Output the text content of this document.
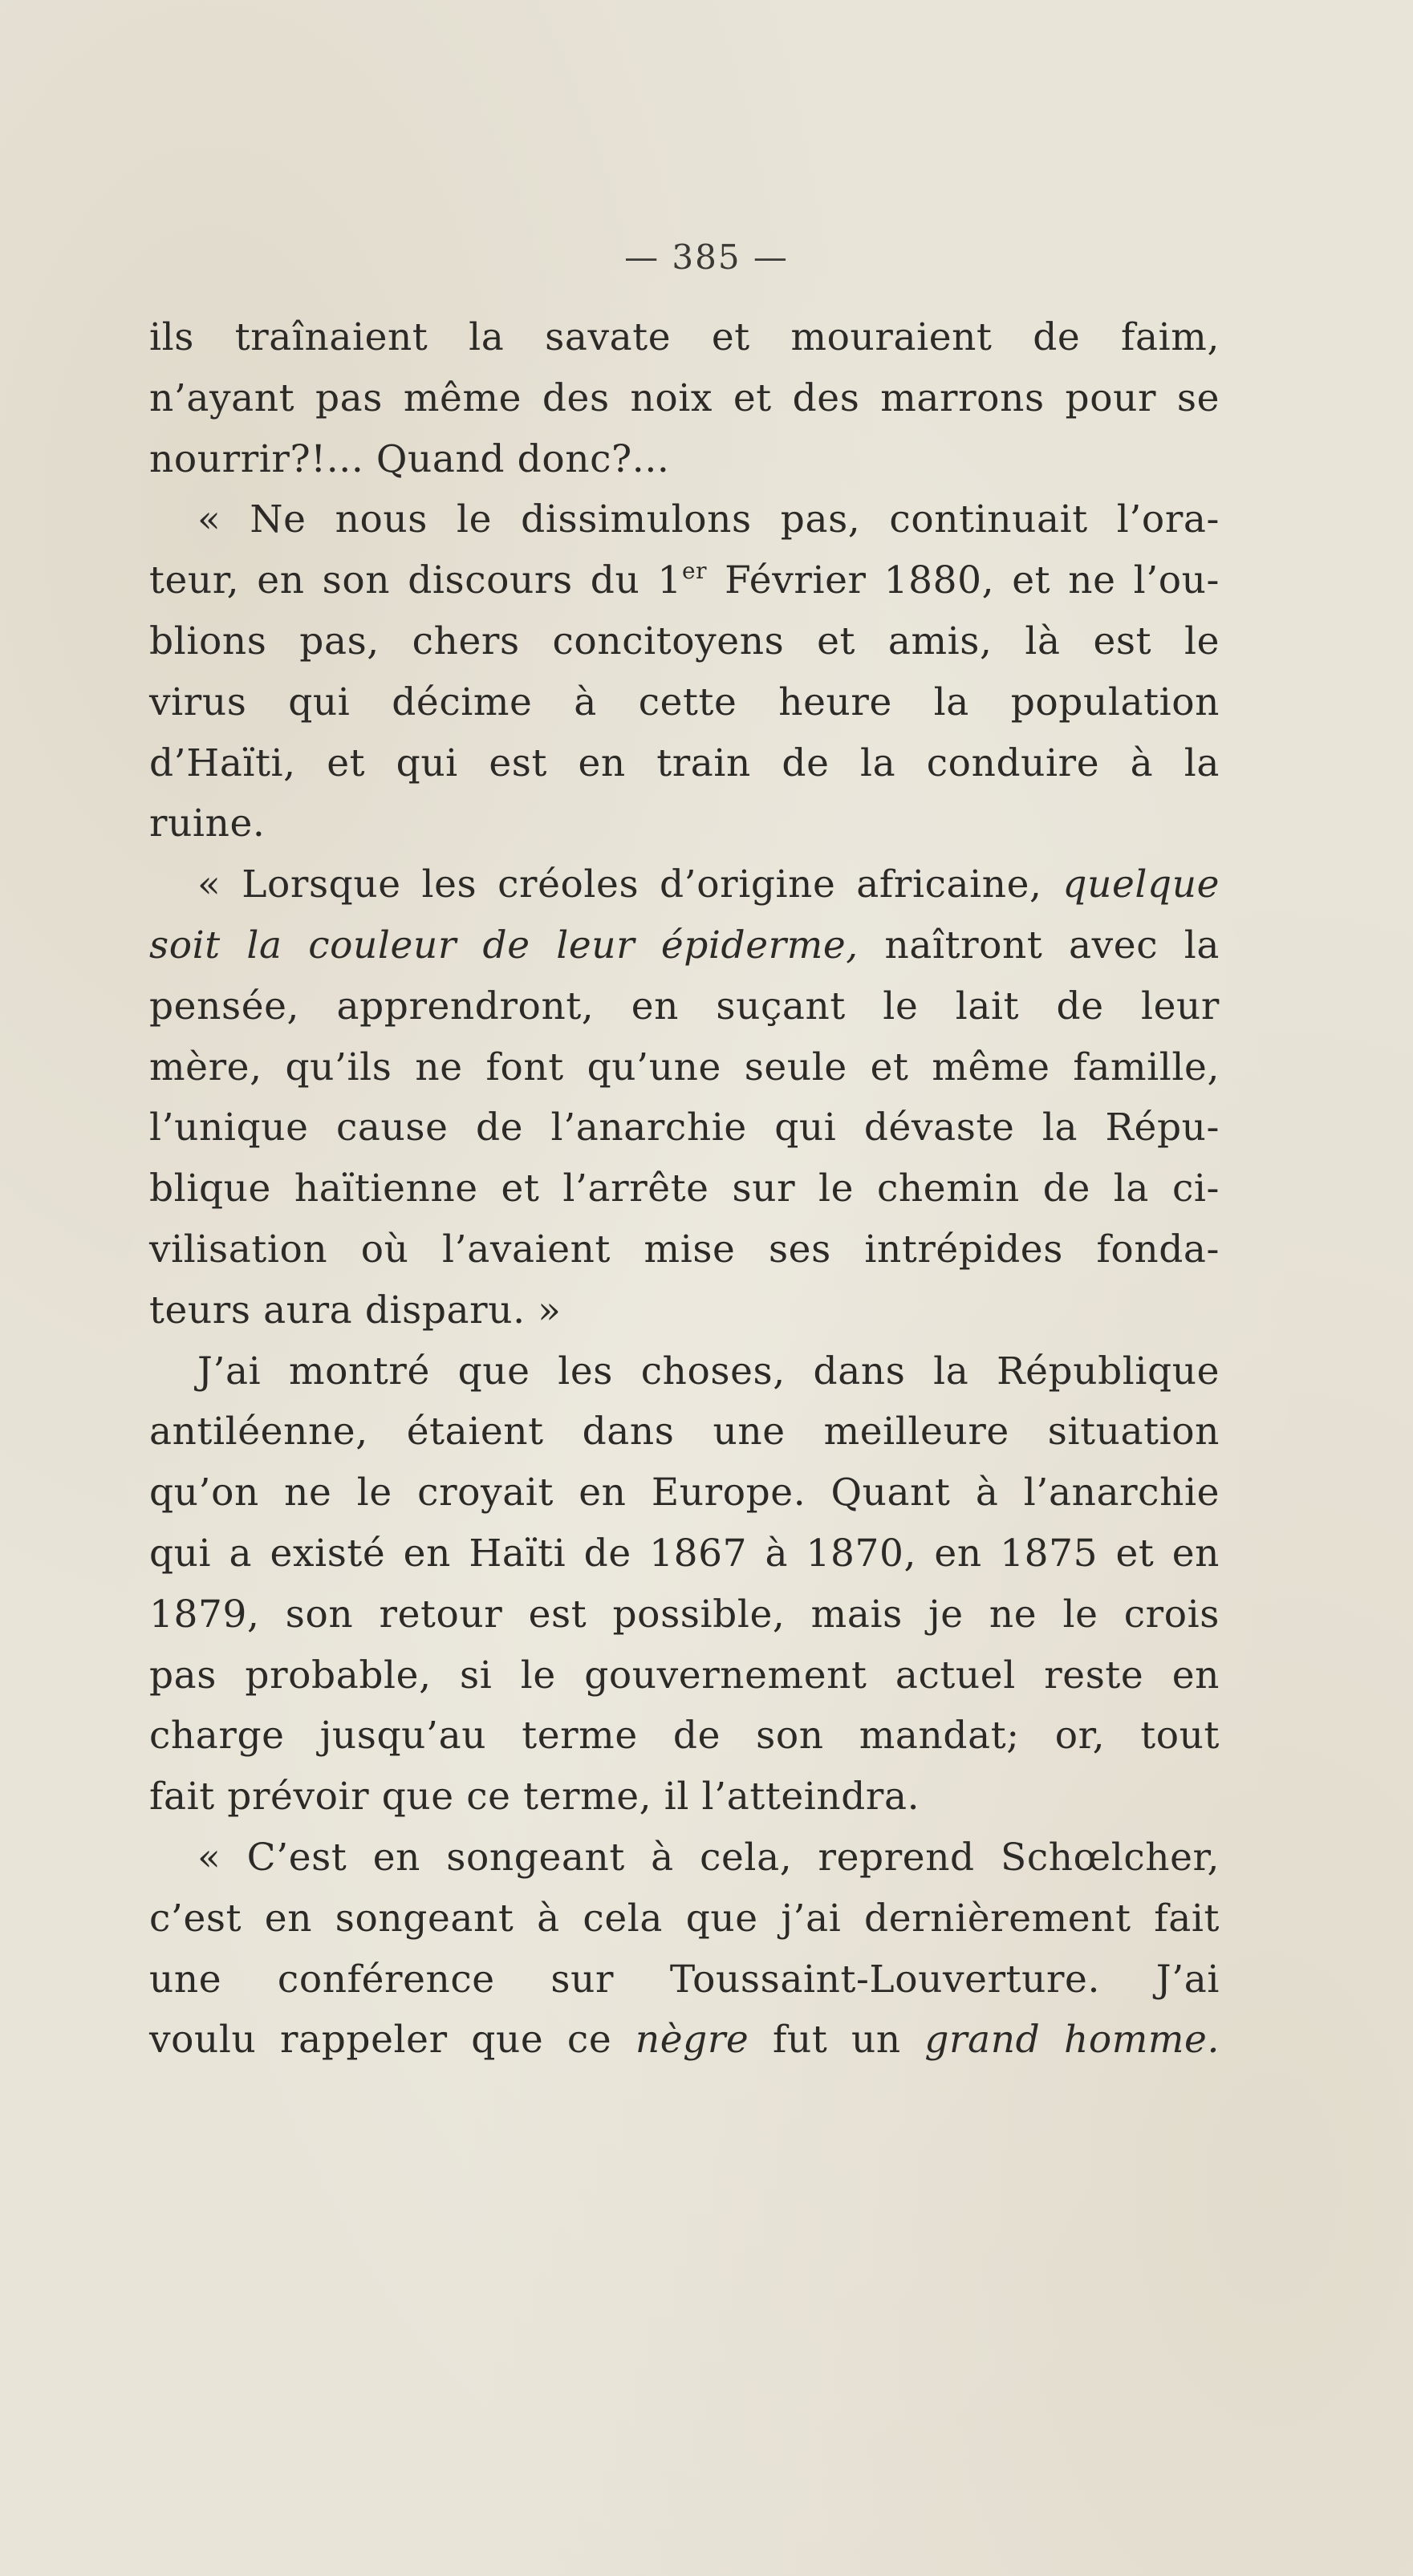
— 385 —
ils traînaient la savate et mouraient de faim,
n’ayant pas même des noix et des marrons pour se
nourrir?!... Quand donc?...
« Ne nous le dissimulons pas, continuait l’ora-
teur, en son discours du 1er Février 1880, et ne l’ou-
blions pas, chers concitoyens et amis, là est le
virus qui décime à cette heure la population
d’Haïti, et qui est en train de la conduire à la
ruine.
« Lorsque les créoles d’origine africaine, quelque
soit la couleur de leur épiderme, naîtront avec la
pensée, apprendront, en suçant le lait de leur
mère, qu’ils ne font qu’une seule et même famille,
l’unique cause de l’anarchie qui dévaste la Répu-
blique haïtienne et l’arrête sur le chemin de la ci-
vilisation où l’avaient mise ses intrépides fonda-
teurs aura disparu. »
J’ai montré que les choses, dans la République
antiléenne, étaient dans une meilleure situation
qu’on ne le croyait en Europe. Quant à l’anarchie
qui a existé en Haïti de 1867 à 1870, en 1875 et en
1879, son retour est possible, mais je ne le crois
pas probable, si le gouvernement actuel reste en
charge jusqu’au terme de son mandat; or, tout
fait prévoir que ce terme, il l’atteindra.
« C’est en songeant à cela, reprend Schœlcher,
c’est en songeant à cela que j’ai dernièrement fait
une conférence sur Toussaint-Louverture. J’ai
voulu rappeler que ce nègre fut un grand homme.
